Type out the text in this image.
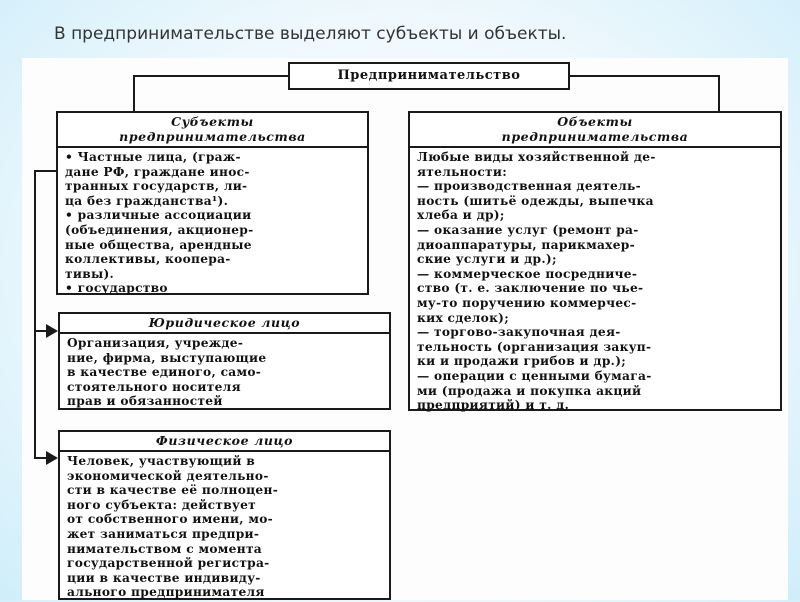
В предпринимательстве выделяют субъекты и объекты.
Предпринимательство
Субъекты
предпринимательства
• Частные лица, (граж-
дане РФ, граждане инос-
транных государств, ли-
ца без гражданства¹).
• различные ассоциации
(объединения, акционер-
ные общества, арендные
коллективы, коопера-
тивы).
• государство
Объекты
предпринимательства
Любые виды хозяйственной де-
ятельности:
— производственная деятель-
ность (шитьё одежды, выпечка
хлеба и др);
— оказание услуг (ремонт ра-
диоаппаратуры, парикмахер-
ские услуги и др.);
— коммерческое посредниче-
ство (т. е. заключение по чье-
му-то поручению коммерчес-
ких сделок);
— торгово-закупочная дея-
тельность (организация закуп-
ки и продажи грибов и др.);
— операции с ценными бумага-
ми (продажа и покупка акций
предприятий) и т. д.
Юридическое лицо
Организация, учрежде-
ние, фирма, выступающие
в качестве единого, само-
стоятельного носителя
прав и обязанностей
Физическое лицо
Человек, участвующий в
экономической деятельно-
сти в качестве её полноцен-
ного субъекта: действует
от собственного имени, мо-
жет заниматься предпри-
нимательством с момента
государственной регистра-
ции в качестве индивиду-
ального предпринимателя
